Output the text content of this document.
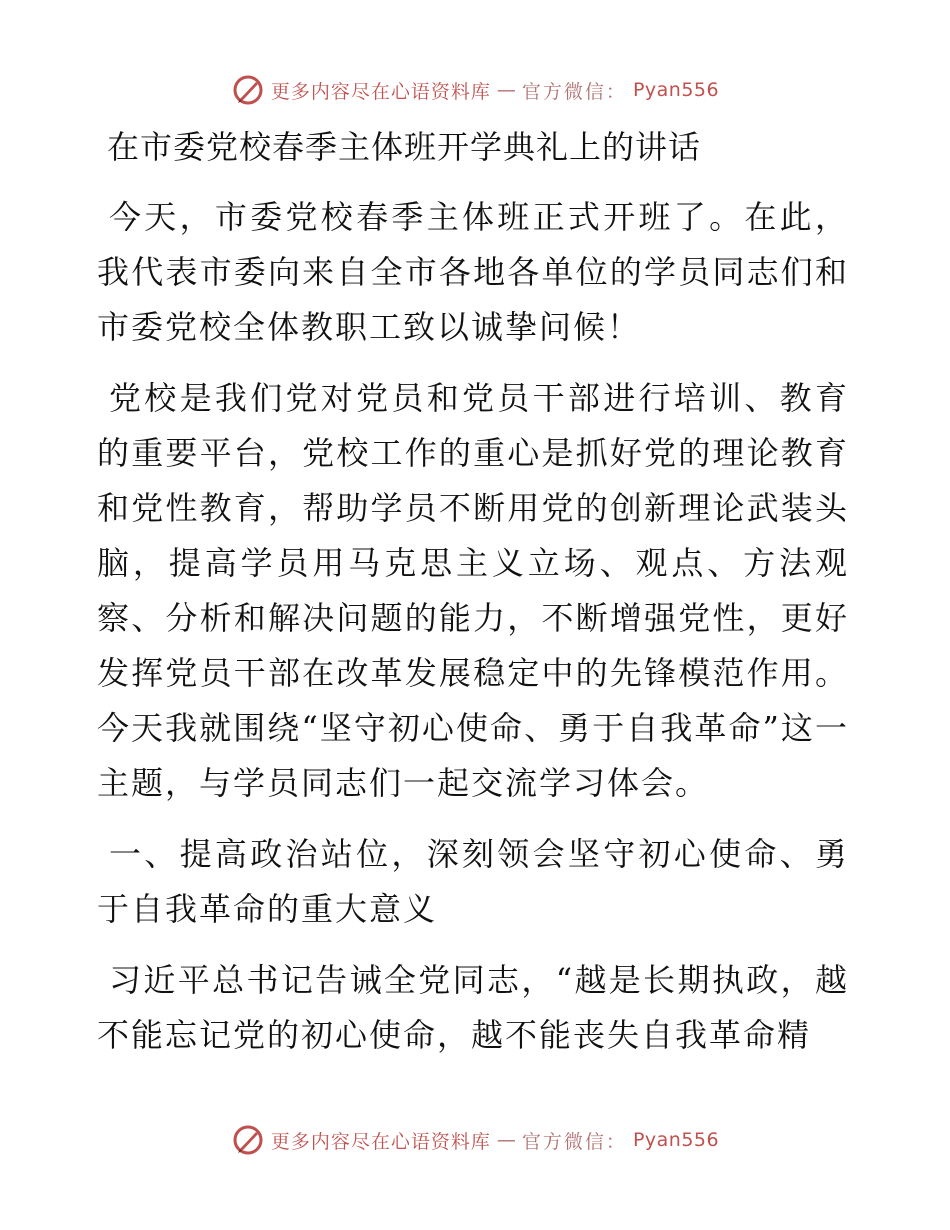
更多内容尽在心语资料库 — 官方微信： Pyan556
在市委党校春季主体班开学典礼上的讲话

今天，市委党校春季主体班正式开班了。在此，我代表市委向来自全市各地各单位的学员同志们和市委党校全体教职工致以诚挚问候！

党校是我们党对党员和党员干部进行培训、教育的重要平台，党校工作的重心是抓好党的理论教育和党性教育，帮助学员不断用党的创新理论武装头脑，提高学员用马克思主义立场、观点、方法观察、分析和解决问题的能力，不断增强党性，更好发挥党员干部在改革发展稳定中的先锋模范作用。今天我就围绕“坚守初心使命、勇于自我革命”这一主题，与学员同志们一起交流学习体会。

一、提高政治站位，深刻领会坚守初心使命、勇于自我革命的重大意义

习近平总书记告诫全党同志，“越是长期执政，越不能忘记党的初心使命，越不能丧失自我革命精

更多内容尽在心语资料库 — 官方微信： Pyan556
